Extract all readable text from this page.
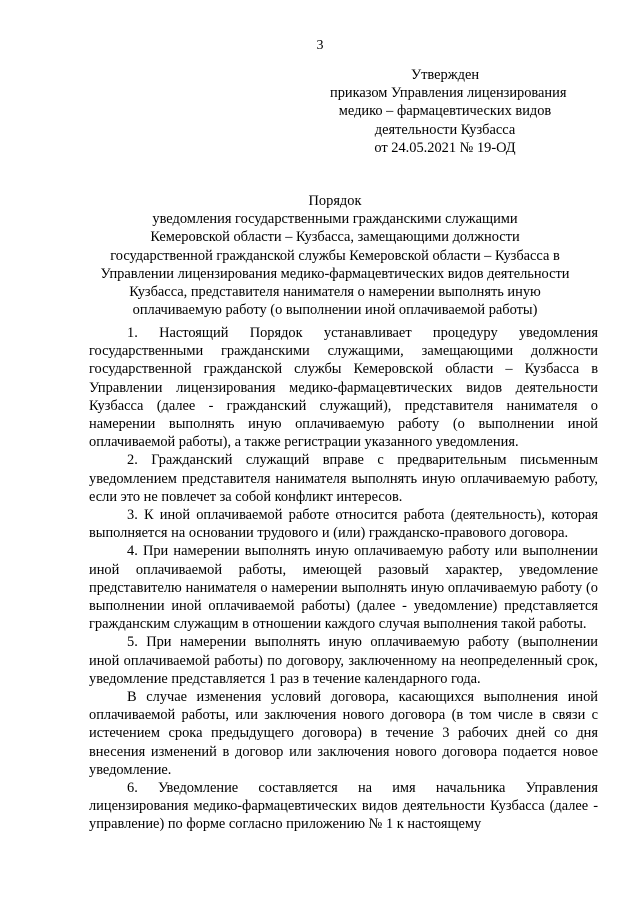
3
Утвержден
приказом Управления лицензирования
медико – фармацевтических видов
деятельности Кузбасса
от 24.05.2021 № 19-ОД
Порядок
уведомления государственными гражданскими служащими
Кемеровской области – Кузбасса, замещающими должности
государственной гражданской службы Кемеровской области – Кузбасса в
Управлении лицензирования медико-фармацевтических видов деятельности
Кузбасса, представителя нанимателя о намерении выполнять иную
оплачиваемую работу (о выполнении иной оплачиваемой работы)

1. Настоящий Порядок устанавливает процедуру уведомления государственными гражданскими служащими, замещающими должности государственной гражданской службы Кемеровской области – Кузбасса в Управлении лицензирования медико-фармацевтических видов деятельности Кузбасса (далее - гражданский служащий), представителя нанимателя о намерении выполнять иную оплачиваемую работу (о выполнении иной оплачиваемой работы), а также регистрации указанного уведомления.

2. Гражданский служащий вправе с предварительным письменным уведомлением представителя нанимателя выполнять иную оплачиваемую работу, если это не повлечет за собой конфликт интересов.

3. К иной оплачиваемой работе относится работа (деятельность), которая выполняется на основании трудового и (или) гражданско-правового договора.

4. При намерении выполнять иную оплачиваемую работу или выполнении иной оплачиваемой работы, имеющей разовый характер, уведомление представителю нанимателя о намерении выполнять иную оплачиваемую работу (о выполнении иной оплачиваемой работы) (далее - уведомление) представляется гражданским служащим в отношении каждого случая выполнения такой работы.

5. При намерении выполнять иную оплачиваемую работу (выполнении иной оплачиваемой работы) по договору, заключенному на неопределенный срок, уведомление представляется 1 раз в течение календарного года.

В случае изменения условий договора, касающихся выполнения иной оплачиваемой работы, или заключения нового договора (в том числе в связи с истечением срока предыдущего договора) в течение 3 рабочих дней со дня внесения изменений в договор или заключения нового договора подается новое уведомление.

6. Уведомление составляется на имя начальника Управления лицензирования медико-фармацевтических видов деятельности Кузбасса (далее - управление) по форме согласно приложению № 1 к настоящему
